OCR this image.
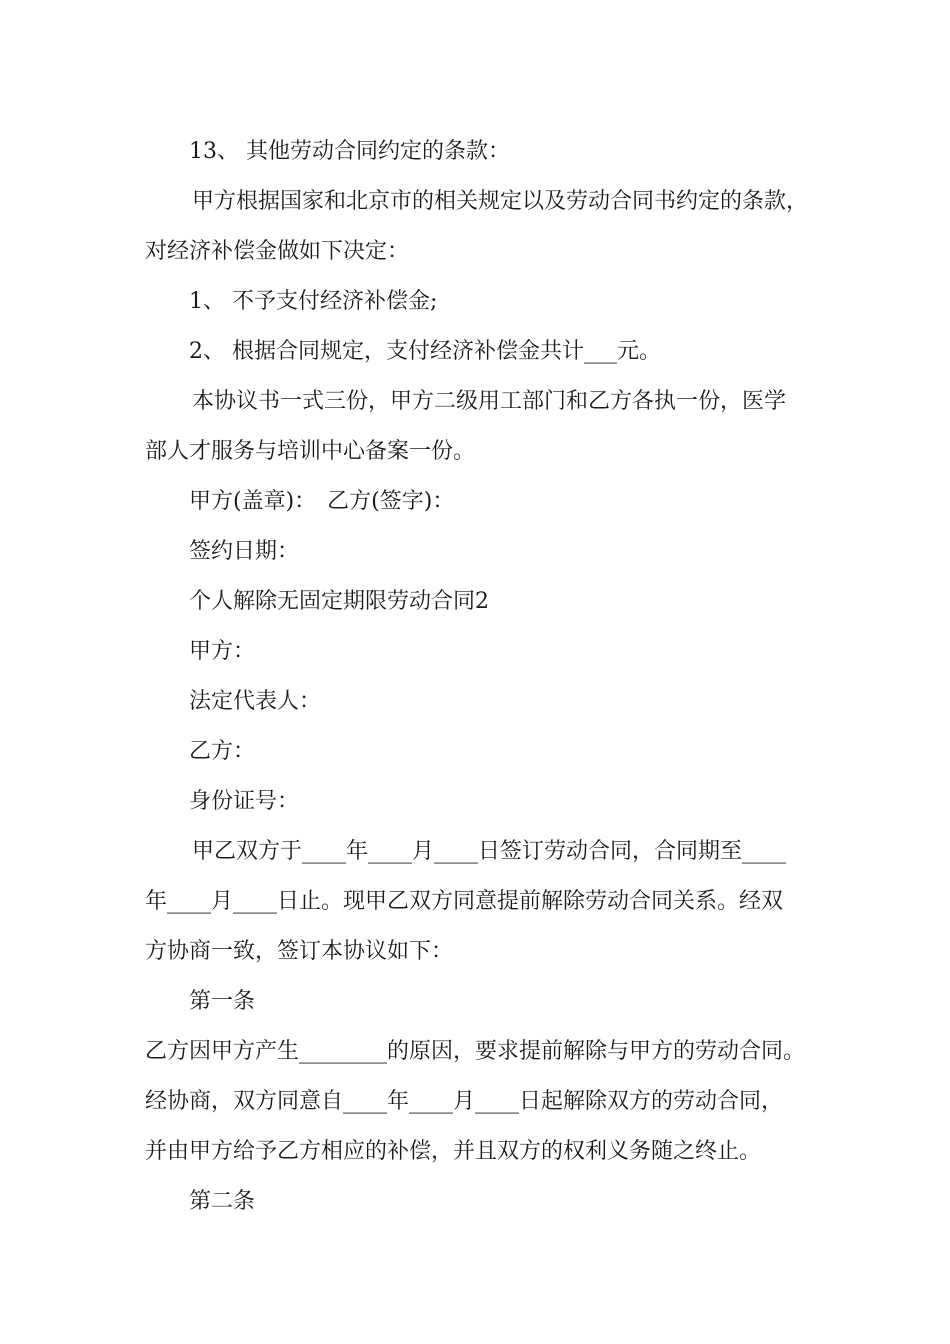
13、 其他劳动合同约定的条款：
甲方根据国家和北京市的相关规定以及劳动合同书约定的条款，
对经济补偿金做如下决定：
1、 不予支付经济补偿金;
2、 根据合同规定，支付经济补偿金共计___元。
本协议书一式三份，甲方二级用工部门和乙方各执一份，医学
部人才服务与培训中心备案一份。
甲方(盖章)：　乙方(签字)：
签约日期：
个人解除无固定期限劳动合同2
甲方：
法定代表人：
乙方：
身份证号：
甲乙双方于____年____月____日签订劳动合同，合同期至____
年____月____日止。现甲乙双方同意提前解除劳动合同关系。经双
方协商一致，签订本协议如下：
第一条
乙方因甲方产生________的原因，要求提前解除与甲方的劳动合同。
经协商，双方同意自____年____月____日起解除双方的劳动合同，
并由甲方给予乙方相应的补偿，并且双方的权利义务随之终止。
第二条
